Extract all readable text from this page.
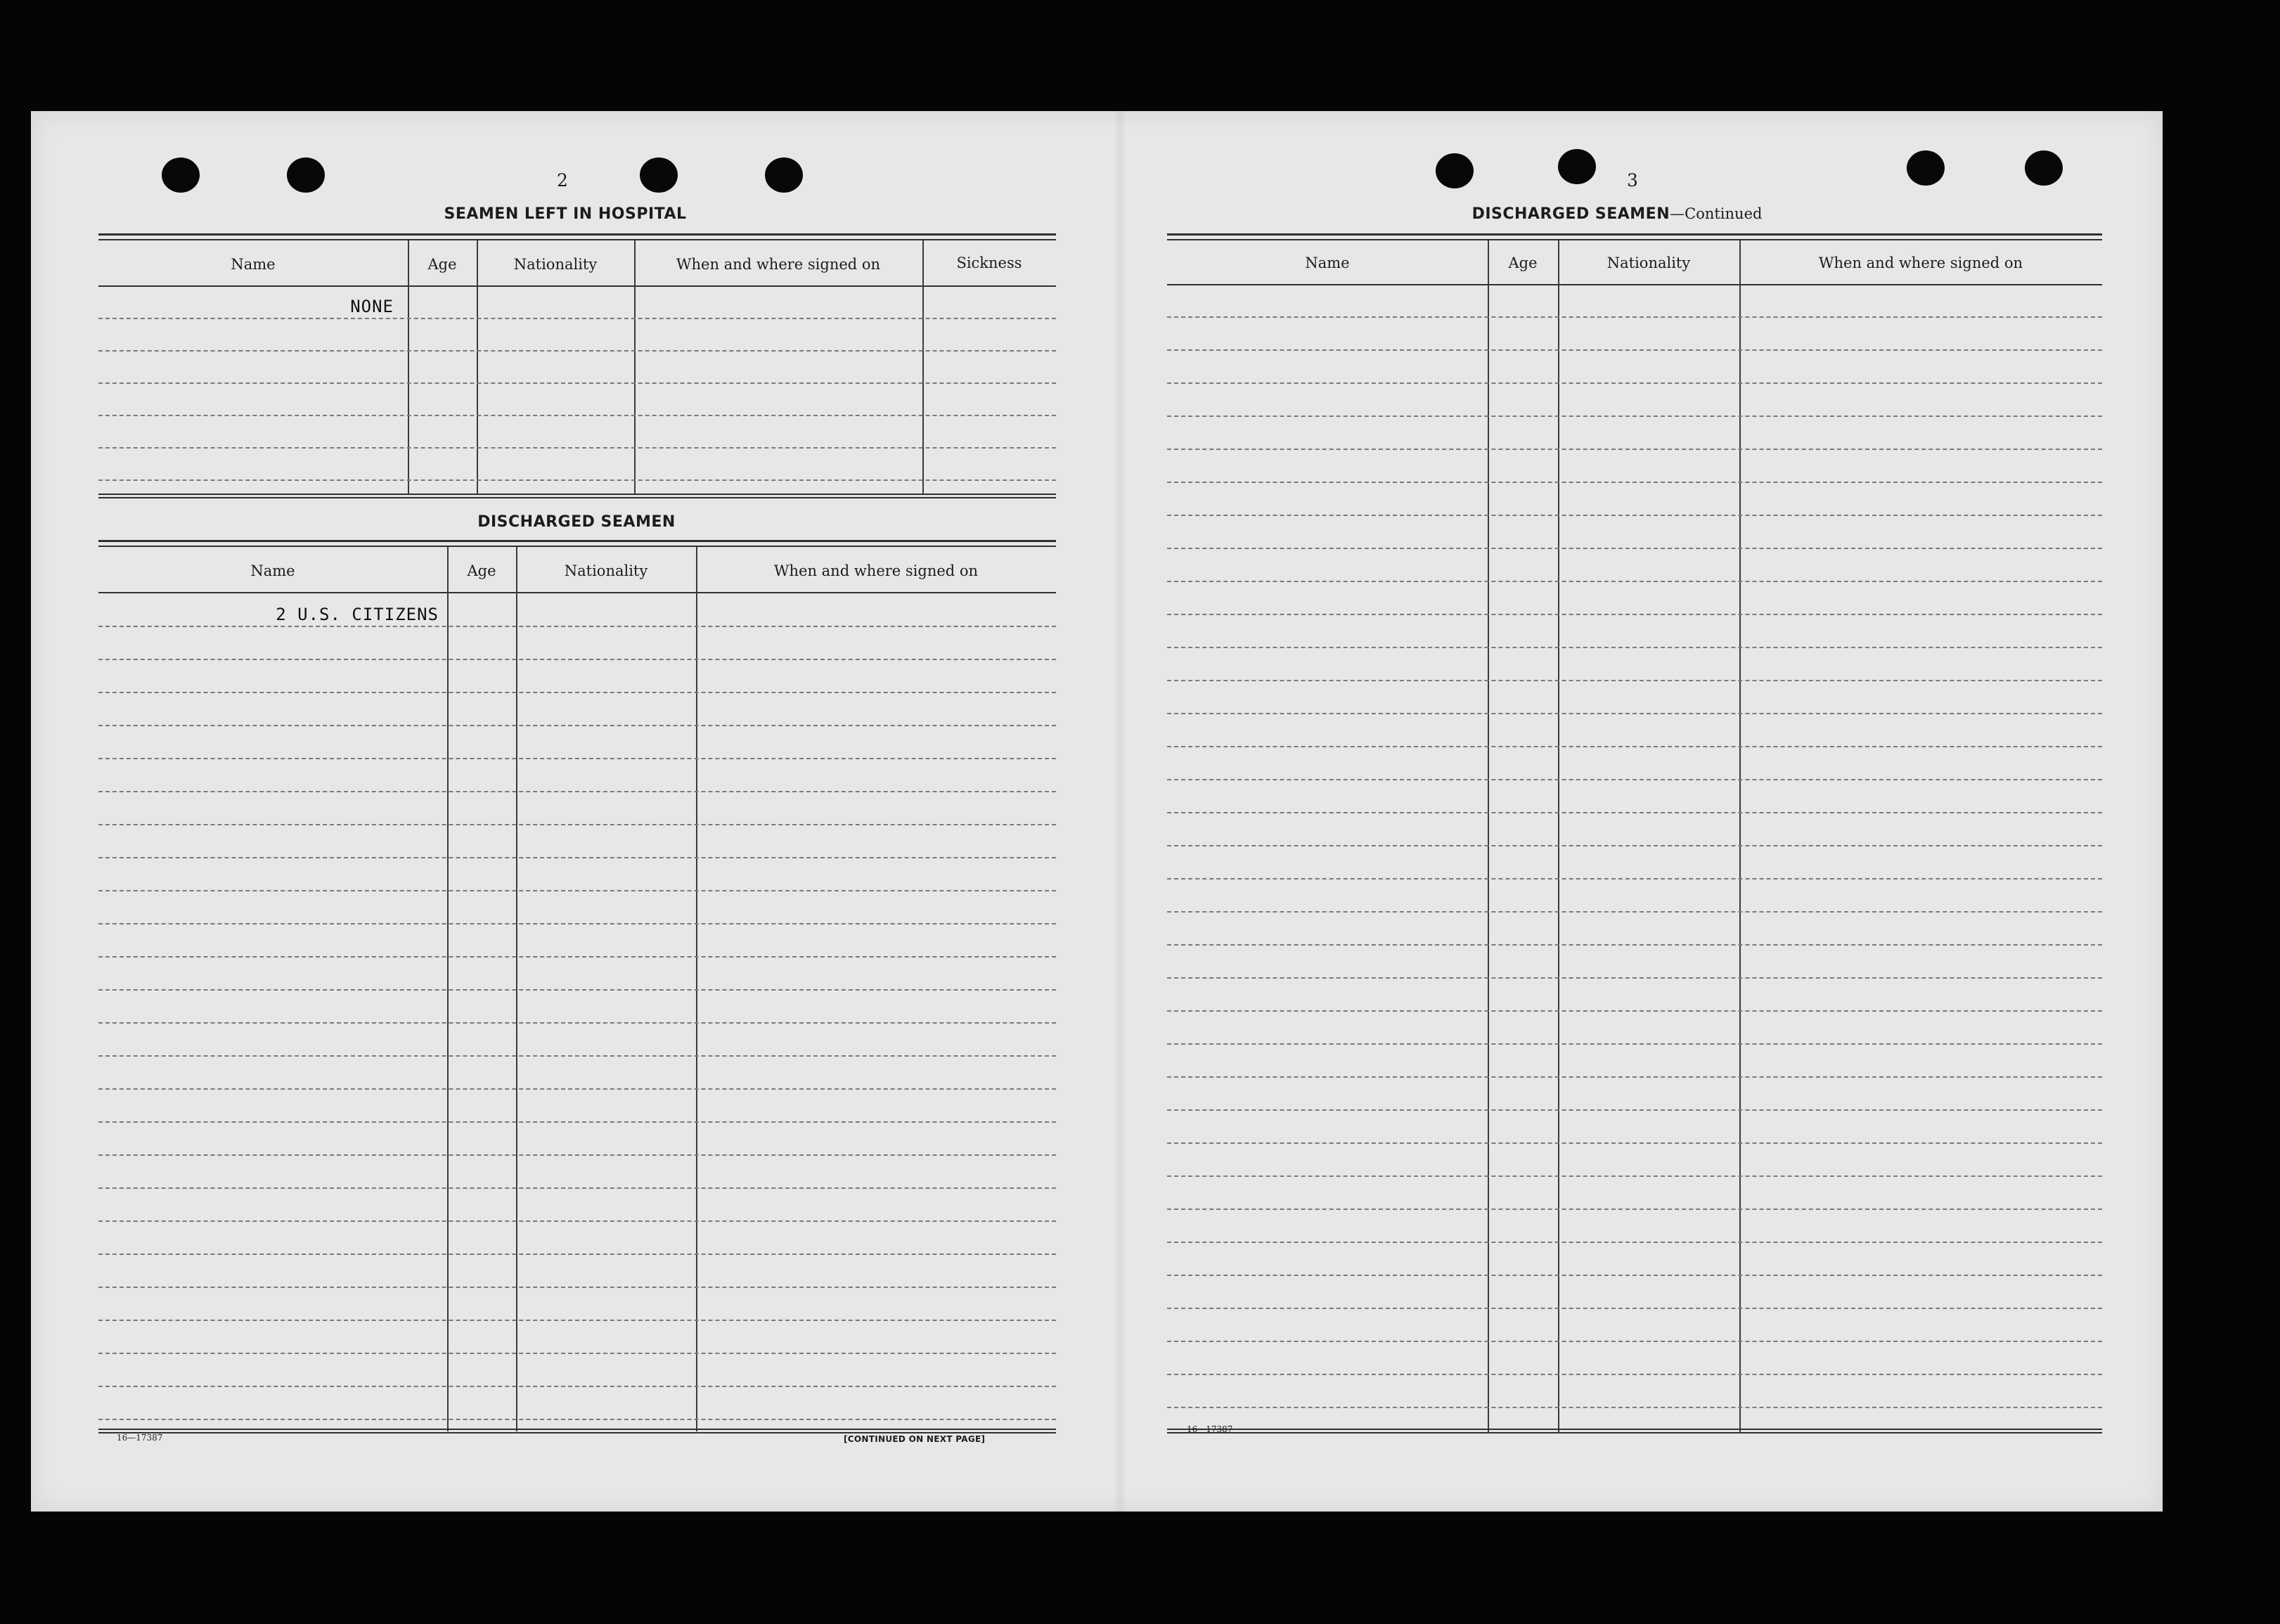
2
SEAMEN LEFT IN HOSPITAL
Name	Age	Nationality	When and where signed on	Sickness
NONE
DISCHARGED SEAMEN
Name	Age	Nationality	When and where signed on
2 U.S. CITIZENS
16—17387	[CONTINUED ON NEXT PAGE]
3
DISCHARGED SEAMEN—Continued
Name	Age	Nationality	When and where signed on
16—17387
